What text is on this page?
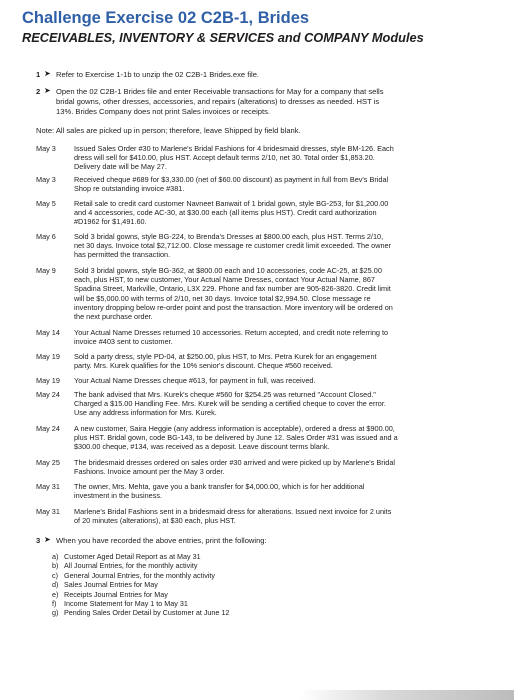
Challenge Exercise 02 C2B-1, Brides
RECEIVABLES, INVENTORY & SERVICES and COMPANY Modules
1 ➤ Refer to Exercise 1-1b to unzip the 02 C2B-1 Brides.exe file.
2 ➤ Open the 02 C2B-1 Brides file and enter Receivable transactions for May for a company that sells
bridal gowns, other dresses, accessories, and repairs (alterations) to dresses as needed. HST is
13%. Brides Company does not print Sales invoices or receipts.
Note: All sales are picked up in person; therefore, leave Shipped by field blank.
May 3	Issued Sales Order #30 to Marlene's Bridal Fashions for 4 bridesmaid dresses, style BM-126. Each
dress will sell for $410.00, plus HST. Accept default terms 2/10, net 30. Total order $1,853.20.
Delivery date will be May 27.
May 3	Received cheque #689 for $3,330.00 (net of $60.00 discount) as payment in full from Bev's Bridal
Shop re outstanding invoice #381.
May 5	Retail sale to credit card customer Navneet Banwait of 1 bridal gown, style BG-253, for $1,200.00
and 4 accessories, code AC-30, at $30.00 each (all items plus HST). Credit card authorization
#D1962 for $1,491.60.
May 6	Sold 3 bridal gowns, style BG-224, to Brenda's Dresses at $800.00 each, plus HST. Terms 2/10,
net 30 days. Invoice total $2,712.00. Close message re customer credit limit exceeded. The owner
has permitted the transaction.
May 9	Sold 3 bridal gowns, style BG-362, at $800.00 each and 10 accessories, code AC-25, at $25.00
each, plus HST, to new customer, Your Actual Name Dresses, contact Your Actual Name, 867
Spadina Street, Markville, Ontario, L3X 229. Phone and fax number are 905-826-3820. Credit limit
will be $5,000.00 with terms of 2/10, net 30 days. Invoice total $2,994.50. Close message re
inventory dropping below re-order point and post the transaction. More inventory will be ordered on
the next purchase order.
May 14	Your Actual Name Dresses returned 10 accessories. Return accepted, and credit note referring to
invoice #403 sent to customer.
May 19	Sold a party dress, style PD-04, at $250.00, plus HST, to Mrs. Petra Kurek for an engagement
party. Mrs. Kurek qualifies for the 10% senior's discount. Cheque #560 received.
May 19	Your Actual Name Dresses cheque #613, for payment in full, was received.
May 24	The bank advised that Mrs. Kurek's cheque #560 for $254.25 was returned "Account Closed."
Charged a $15.00 Handling Fee. Mrs. Kurek will be sending a certified cheque to cover the error.
Use any address information for Mrs. Kurek.
May 24	A new customer, Saira Heggie (any address information is acceptable), ordered a dress at $900.00,
plus HST. Bridal gown, code BG-143, to be delivered by June 12. Sales Order #31 was issued and a
$300.00 cheque, #134, was received as a deposit. Leave discount terms blank.
May 25	The bridesmaid dresses ordered on sales order #30 arrived and were picked up by Marlene's Bridal
Fashions. Invoice amount per the May 3 order.
May 31	The owner, Mrs. Mehta, gave you a bank transfer for $4,000.00, which is for her additional
investment in the business.
May 31	Marlene's Bridal Fashions sent in a bridesmaid dress for alterations. Issued next invoice for 2 units
of 20 minutes (alterations), at $30 each, plus HST.
3 ➤ When you have recorded the above entries, print the following:
a) Customer Aged Detail Report as at May 31
b) All Journal Entries, for the monthly activity
c) General Journal Entries, for the monthly activity
d) Sales Journal Entries for May
e) Receipts Journal Entries for May
f) Income Statement for May 1 to May 31
g) Pending Sales Order Detail by Customer at June 12
